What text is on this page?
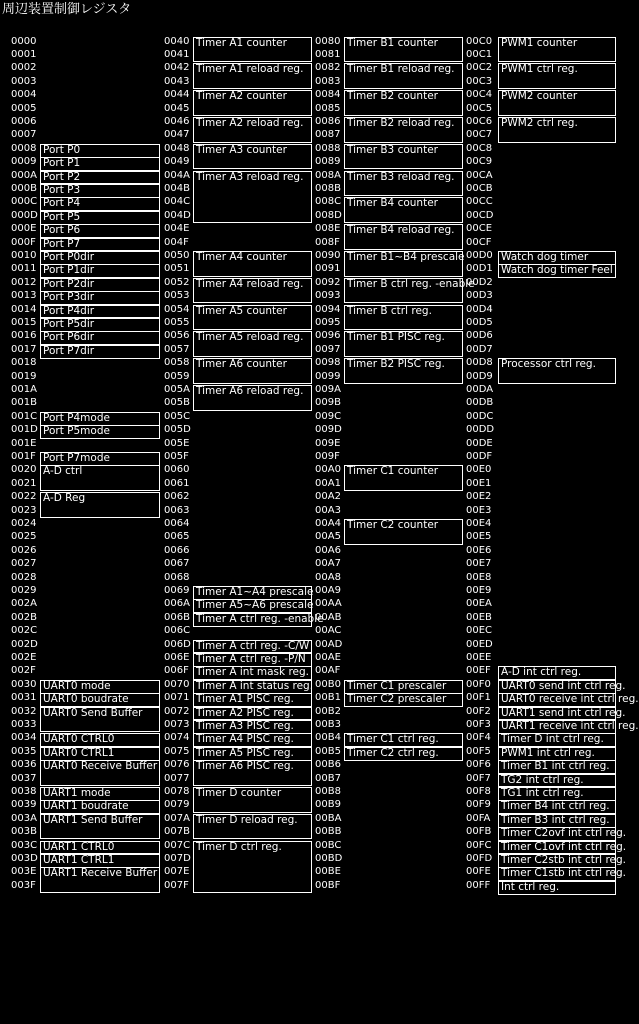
周辺装置制御レジスタ
0000
0001
0002
0003
0004
0005
0006
0007
0008
0009
000A
000B
000C
000D
000E
000F
0010
0011
0012
0013
0014
0015
0016
0017
0018
0019
001A
001B
001C
001D
001E
001F
0020
0021
0022
0023
0024
0025
0026
0027
0028
0029
002A
002B
002C
002D
002E
002F
0030
0031
0032
0033
0034
0035
0036
0037
0038
0039
003A
003B
003C
003D
003E
003F
Port P0
Port P1
Port P2
Port P3
Port P4
Port P5
Port P6
Port P7
Port P0dir
Port P1dir
Port P2dir
Port P3dir
Port P4dir
Port P5dir
Port P6dir
Port P7dir
Port P4mode
Port P5mode
Port P7mode
A-D ctrl
A-D Reg
UART0 mode
UART0 boudrate
UART0 Send Buffer
UART0 CTRL0
UART0 CTRL1
UART0 Receive Buffer
UART1 mode
UART1 boudrate
UART1 Send Buffer
UART1 CTRL0
UART1 CTRL1
UART1 Receive Buffer
0040
0041
0042
0043
0044
0045
0046
0047
0048
0049
004A
004B
004C
004D
004E
004F
0050
0051
0052
0053
0054
0055
0056
0057
0058
0059
005A
005B
005C
005D
005E
005F
0060
0061
0062
0063
0064
0065
0066
0067
0068
0069
006A
006B
006C
006D
006E
006F
0070
0071
0072
0073
0074
0075
0076
0077
0078
0079
007A
007B
007C
007D
007E
007F
Timer A1 counter
Timer A1 reload reg.
Timer A2 counter
Timer A2 reload reg.
Timer A3 counter
Timer A3 reload reg.
Timer A4 counter
Timer A4 reload reg.
Timer A5 counter
Timer A5 reload reg.
Timer A6 counter
Timer A6 reload reg.
Timer A1~A4 prescale
Timer A5~A6 prescale
Timer A ctrl reg. -enable
Timer A ctrl reg. -C/W
Timer A ctrl reg. -P/N
Timer A int mask reg.
Timer A int status reg.
Timer A1 PISC reg.
Timer A2 PISC reg.
Timer A3 PISC reg.
Timer A4 PISC reg.
Timer A5 PISC reg.
Timer A6 PISC reg.
Timer D counter
Timer D reload reg.
Timer D ctrl reg.
0080
0081
0082
0083
0084
0085
0086
0087
0088
0089
008A
008B
008C
008D
008E
008F
0090
0091
0092
0093
0094
0095
0096
0097
0098
0099
009A
009B
009C
009D
009E
009F
00A0
00A1
00A2
00A3
00A4
00A5
00A6
00A7
00A8
00A9
00AA
00AB
00AC
00AD
00AE
00AF
00B0
00B1
00B2
00B3
00B4
00B5
00B6
00B7
00B8
00B9
00BA
00BB
00BC
00BD
00BE
00BF
Timer B1 counter
Timer B1 reload reg.
Timer B2 counter
Timer B2 reload reg.
Timer B3 counter
Timer B3 reload reg.
Timer B4 counter
Timer B4 reload reg.
Timer B1~B4 prescale
Timer B ctrl reg. -enable
Timer B ctrl reg.
Timer B1 PISC reg.
Timer B2 PISC reg.
Timer C1 counter
Timer C2 counter
Timer C1 prescaler
Timer C2 prescaler
Timer C1 ctrl reg.
Timer C2 ctrl reg.
00C0
00C1
00C2
00C3
00C4
00C5
00C6
00C7
00C8
00C9
00CA
00CB
00CC
00CD
00CE
00CF
00D0
00D1
00D2
00D3
00D4
00D5
00D6
00D7
00D8
00D9
00DA
00DB
00DC
00DD
00DE
00DF
00E0
00E1
00E2
00E3
00E4
00E5
00E6
00E7
00E8
00E9
00EA
00EB
00EC
00ED
00EE
00EF
00F0
00F1
00F2
00F3
00F4
00F5
00F6
00F7
00F8
00F9
00FA
00FB
00FC
00FD
00FE
00FF
PWM1 counter
PWM1 ctrl reg.
PWM2 counter
PWM2 ctrl reg.
Watch dog timer
Watch dog timer Feel
Processor ctrl reg.
A-D int ctrl reg.
UART0 send int ctrl reg.
UART0 receive int ctrl reg.
UART1 send int ctrl reg.
UART1 receive int ctrl reg.
Timer D int ctrl reg.
PWM1 int ctrl reg.
Timer B1 int ctrl reg.
TG2 int ctrl reg.
TG1 int ctrl reg.
Timer B4 int ctrl reg.
Timer B3 int ctrl reg.
Timer C2ovf int ctrl reg.
Timer C1ovf int ctrl reg.
Timer C2stb int ctrl reg.
Timer C1stb int ctrl reg.
Int ctrl reg.
